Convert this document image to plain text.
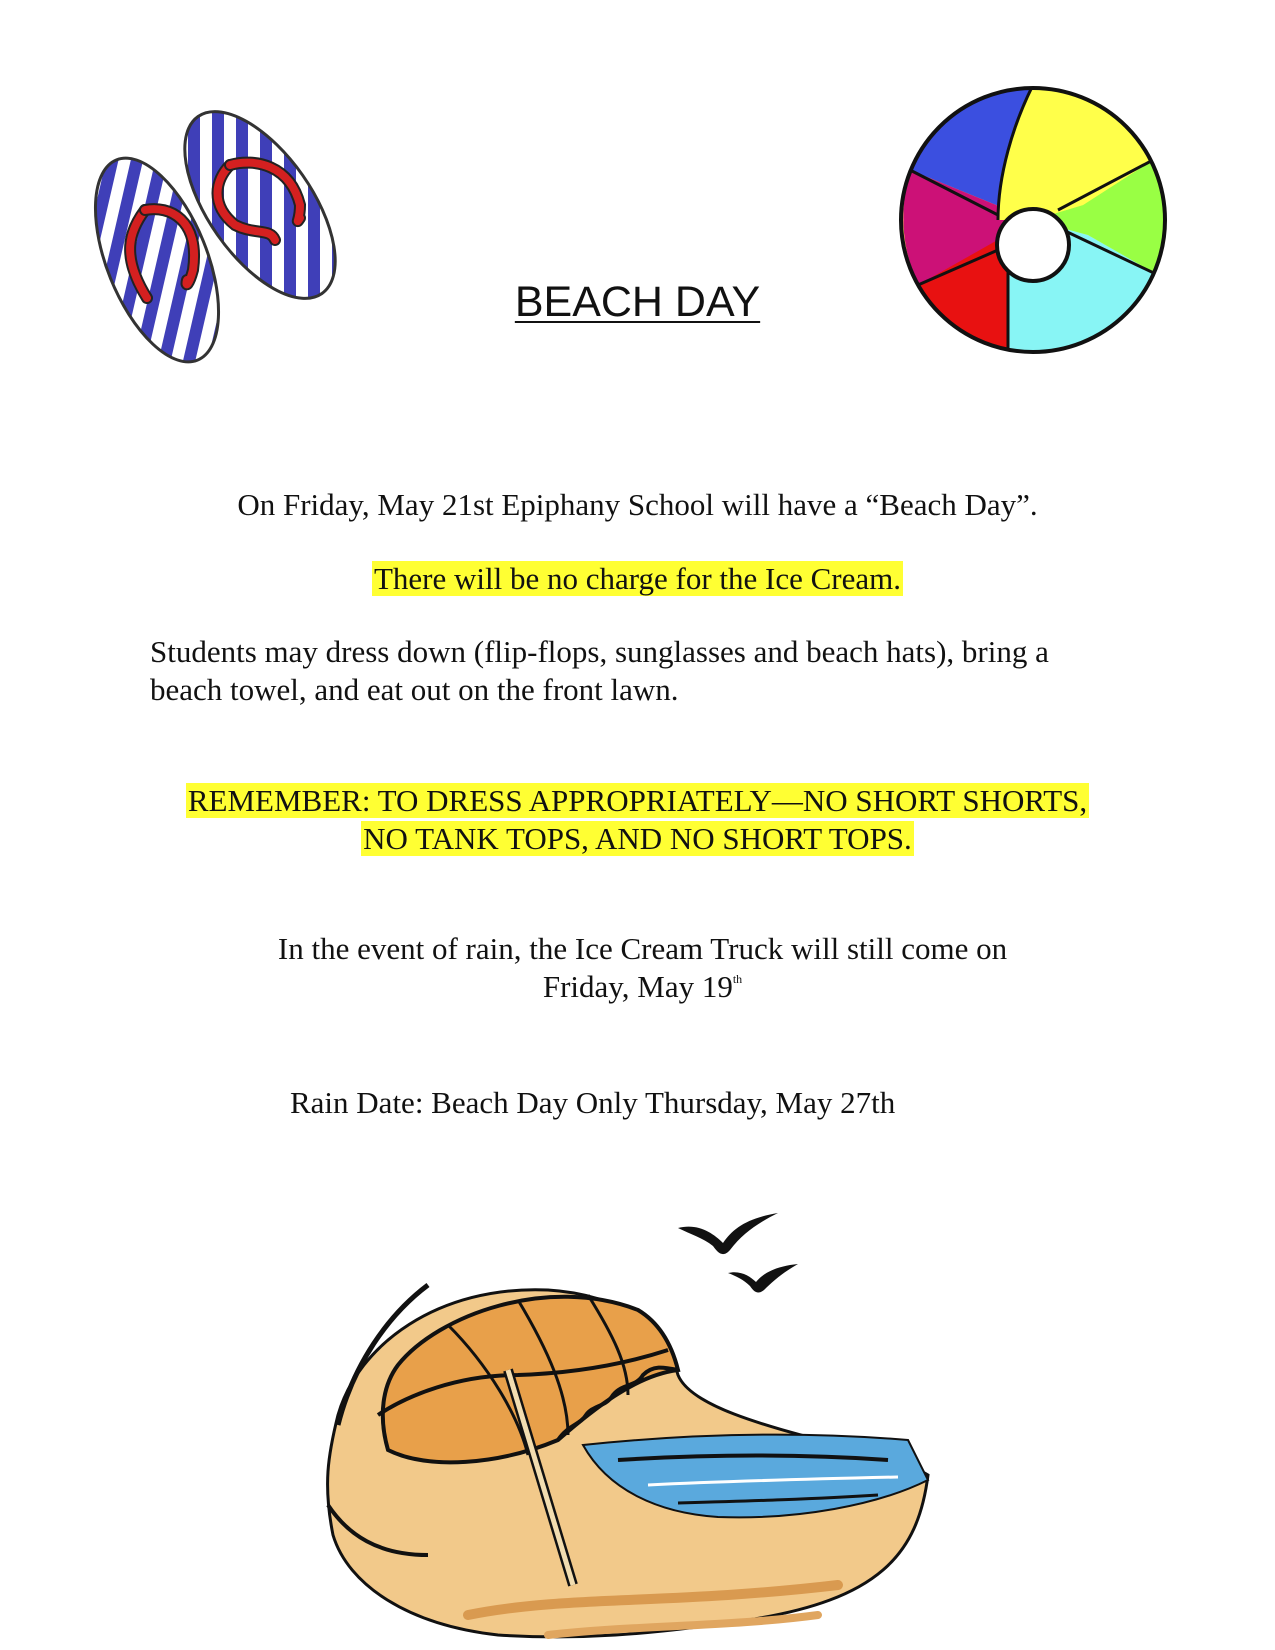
BEACH DAY
On Friday, May 21st Epiphany School will have a “Beach Day”.
There will be no charge for the Ice Cream.
Students may dress down (flip-flops, sunglasses and beach hats), bring a
beach towel, and eat out on the front lawn.
REMEMBER: TO DRESS APPROPRIATELY—NO SHORT SHORTS,
NO TANK TOPS, AND NO SHORT TOPS.
In the event of rain, the Ice Cream Truck will still come on
Friday, May 19th
Rain Date: Beach Day Only Thursday, May 27th
